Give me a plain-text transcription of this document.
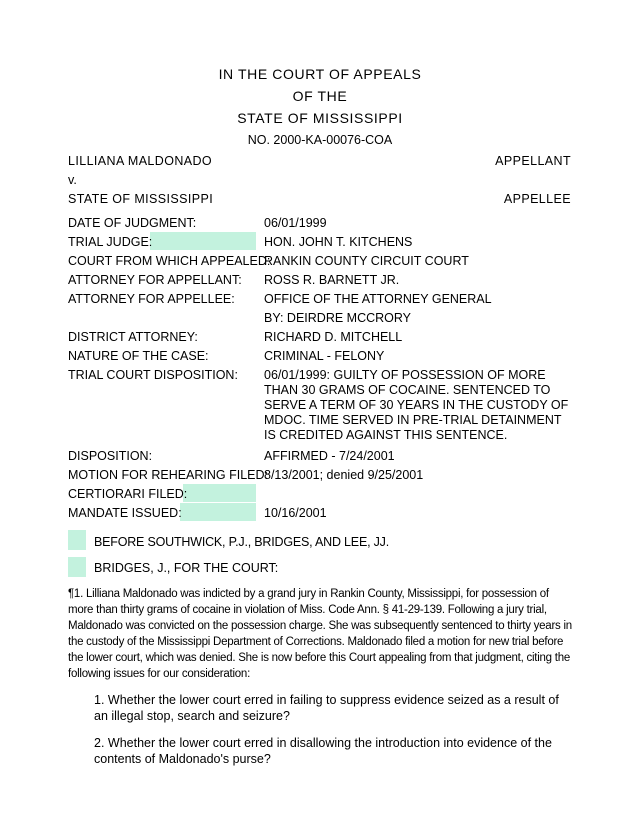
IN THE COURT OF APPEALS
OF THE
STATE OF MISSISSIPPI
NO. 2000-KA-00076-COA
LILLIANA MALDONADO	APPELLANT
v.
STATE OF MISSISSIPPI	APPELLEE
DATE OF JUDGMENT:	06/01/1999
TRIAL JUDGE:	HON. JOHN T. KITCHENS
COURT FROM WHICH APPEALED:
RANKIN COUNTY CIRCUIT COURT
ATTORNEY FOR APPELLANT: ROSS R. BARNETT JR.
ATTORNEY FOR APPELLEE: OFFICE OF THE ATTORNEY GENERAL
BY: DEIRDRE MCCRORY
DISTRICT ATTORNEY:	RICHARD D. MITCHELL
NATURE OF THE CASE:	CRIMINAL - FELONY
TRIAL COURT DISPOSITION: 06/01/1999: GUILTY OF POSSESSION OF MORE THAN 30 GRAMS OF COCAINE. SENTENCED TO SERVE A TERM OF 30 YEARS IN THE CUSTODY OF MDOC. TIME SERVED IN PRE-TRIAL DETAINMENT IS CREDITED AGAINST THIS SENTENCE.
DISPOSITION:	AFFIRMED - 7/24/2001
MOTION FOR REHEARING FILED:
8/13/2001; denied 9/25/2001
CERTIORARI FILED:
MANDATE ISSUED:	10/16/2001
BEFORE SOUTHWICK, P.J., BRIDGES, AND LEE, JJ.
BRIDGES, J., FOR THE COURT:
¶1. Lilliana Maldonado was indicted by a grand jury in Rankin County, Mississippi, for possession of more than thirty grams of cocaine in violation of Miss. Code Ann. § 41-29-139. Following a jury trial, Maldonado was convicted on the possession charge. She was subsequently sentenced to thirty years in the custody of the Mississippi Department of Corrections. Maldonado filed a motion for new trial before the lower court, which was denied. She is now before this Court appealing from that judgment, citing the following issues for our consideration:
1. Whether the lower court erred in failing to suppress evidence seized as a result of an illegal stop, search and seizure?
2. Whether the lower court erred in disallowing the introduction into evidence of the contents of Maldonado's purse?
